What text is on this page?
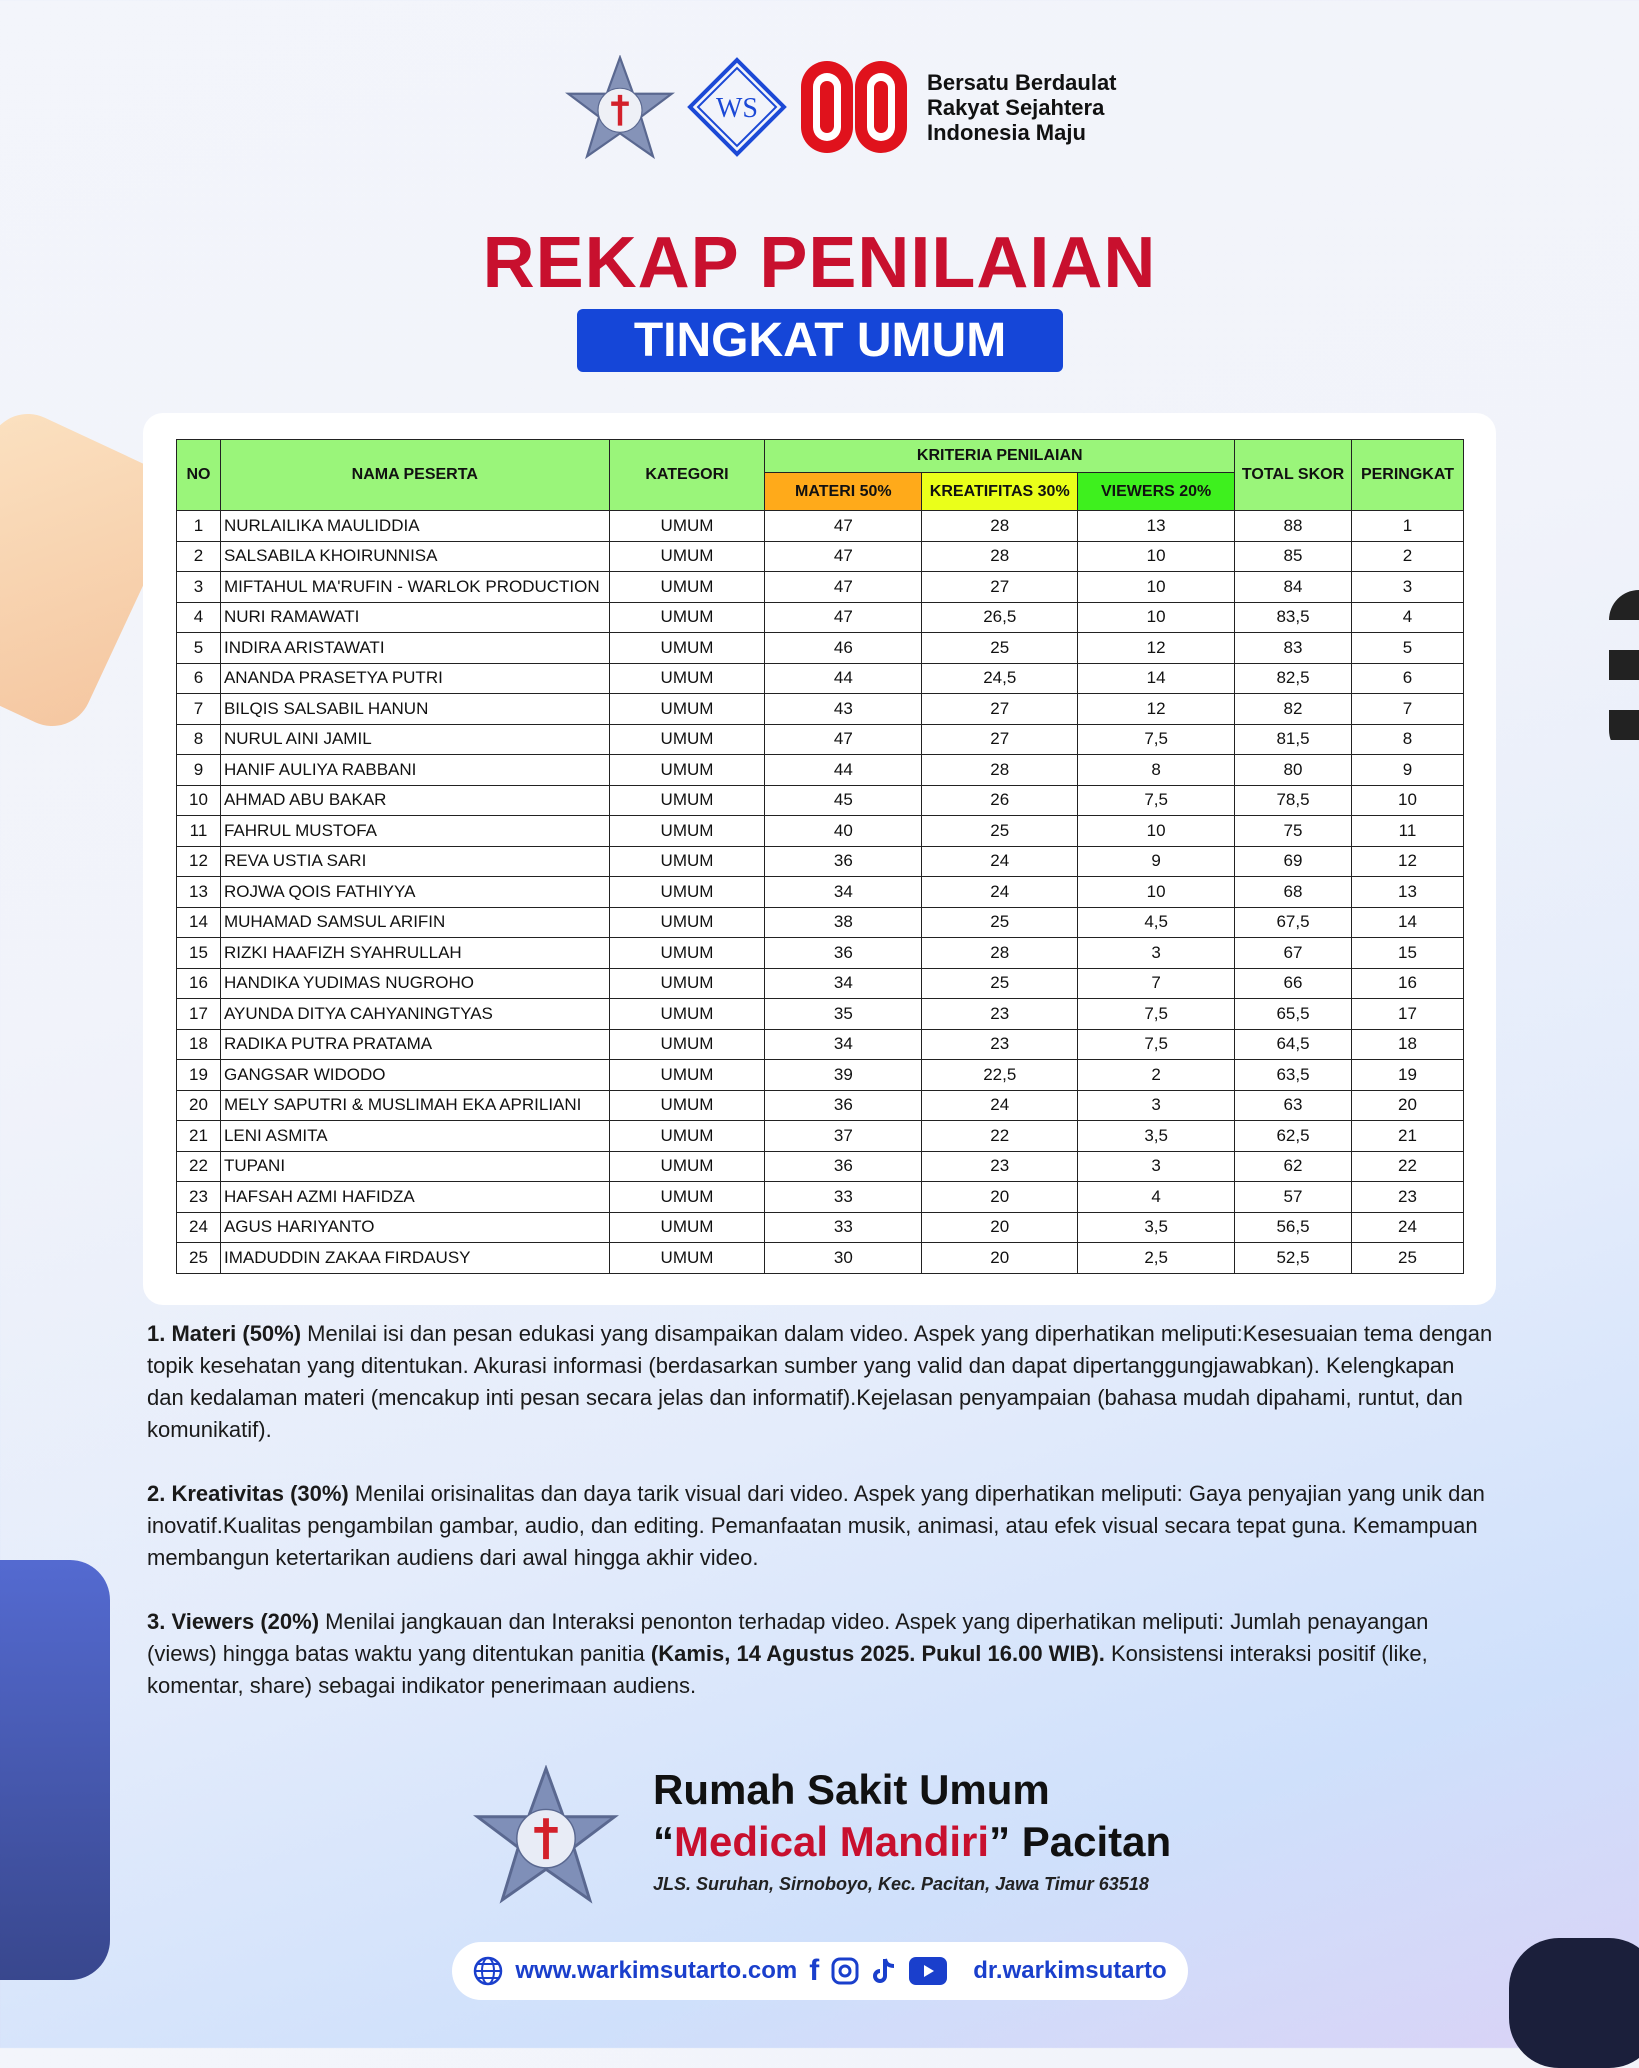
WS
Bersatu Berdaulat
Rakyat Sejahtera
Indonesia Maju
REKAP PENILAIAN
TINGKAT UMUM
NO	NAMA PESERTA	KATEGORI	KRITERIA PENILAIAN			TOTAL SKOR	PERINGKAT
			MATERI 50%	KREATIFITAS 30%	VIEWERS 20%		
1	NURLAILIKA MAULIDDIA	UMUM	47	28	13	88	1
2	SALSABILA KHOIRUNNISA	UMUM	47	28	10	85	2
3	MIFTAHUL MA'RUFIN - WARLOK PRODUCTION	UMUM	47	27	10	84	3
4	NURI RAMAWATI	UMUM	47	26,5	10	83,5	4
5	INDIRA ARISTAWATI	UMUM	46	25	12	83	5
6	ANANDA PRASETYA PUTRI	UMUM	44	24,5	14	82,5	6
7	BILQIS SALSABIL HANUN	UMUM	43	27	12	82	7
8	NURUL AINI JAMIL	UMUM	47	27	7,5	81,5	8
9	HANIF AULIYA RABBANI	UMUM	44	28	8	80	9
10	AHMAD ABU BAKAR	UMUM	45	26	7,5	78,5	10
11	FAHRUL MUSTOFA	UMUM	40	25	10	75	11
12	REVA USTIA SARI	UMUM	36	24	9	69	12
13	ROJWA QOIS FATHIYYA	UMUM	34	24	10	68	13
14	MUHAMAD SAMSUL ARIFIN	UMUM	38	25	4,5	67,5	14
15	RIZKI HAAFIZH SYAHRULLAH	UMUM	36	28	3	67	15
16	HANDIKA YUDIMAS NUGROHO	UMUM	34	25	7	66	16
17	AYUNDA DITYA CAHYANINGTYAS	UMUM	35	23	7,5	65,5	17
18	RADIKA PUTRA PRATAMA	UMUM	34	23	7,5	64,5	18
19	GANGSAR WIDODO	UMUM	39	22,5	2	63,5	19
20	MELY SAPUTRI & MUSLIMAH EKA APRILIANI	UMUM	36	24	3	63	20
21	LENI ASMITA	UMUM	37	22	3,5	62,5	21
22	TUPANI	UMUM	36	23	3	62	22
23	HAFSAH AZMI HAFIDZA	UMUM	33	20	4	57	23
24	AGUS HARIYANTO	UMUM	33	20	3,5	56,5	24
25	IMADUDDIN ZAKAA FIRDAUSY	UMUM	30	20	2,5	52,5	25

1. Materi (50%) Menilai isi dan pesan edukasi yang disampaikan dalam video. Aspek yang diperhatikan meliputi:Kesesuaian tema dengan topik kesehatan yang ditentukan. Akurasi informasi (berdasarkan sumber yang valid dan dapat dipertanggungjawabkan). Kelengkapan dan kedalaman materi (mencakup inti pesan secara jelas dan informatif).Kejelasan penyampaian (bahasa mudah dipahami, runtut, dan komunikatif).

2. Kreativitas (30%) Menilai orisinalitas dan daya tarik visual dari video. Aspek yang diperhatikan meliputi: Gaya penyajian yang unik dan inovatif.Kualitas pengambilan gambar, audio, dan editing. Pemanfaatan musik, animasi, atau efek visual secara tepat guna. Kemampuan membangun ketertarikan audiens dari awal hingga akhir video.

3. Viewers (20%) Menilai jangkauan dan Interaksi penonton terhadap video. Aspek yang diperhatikan meliputi: Jumlah penayangan (views) hingga batas waktu yang ditentukan panitia (Kamis, 14 Agustus 2025. Pukul 16.00 WIB). Konsistensi interaksi positif (like, komentar, share) sebagai indikator penerimaan audiens.

Rumah Sakit Umum
“Medical Mandiri” Pacitan
JLS. Suruhan, Sirnoboyo, Kec. Pacitan, Jawa Timur 63518
www.warkimsutarto.com f	dr.warkimsutarto
